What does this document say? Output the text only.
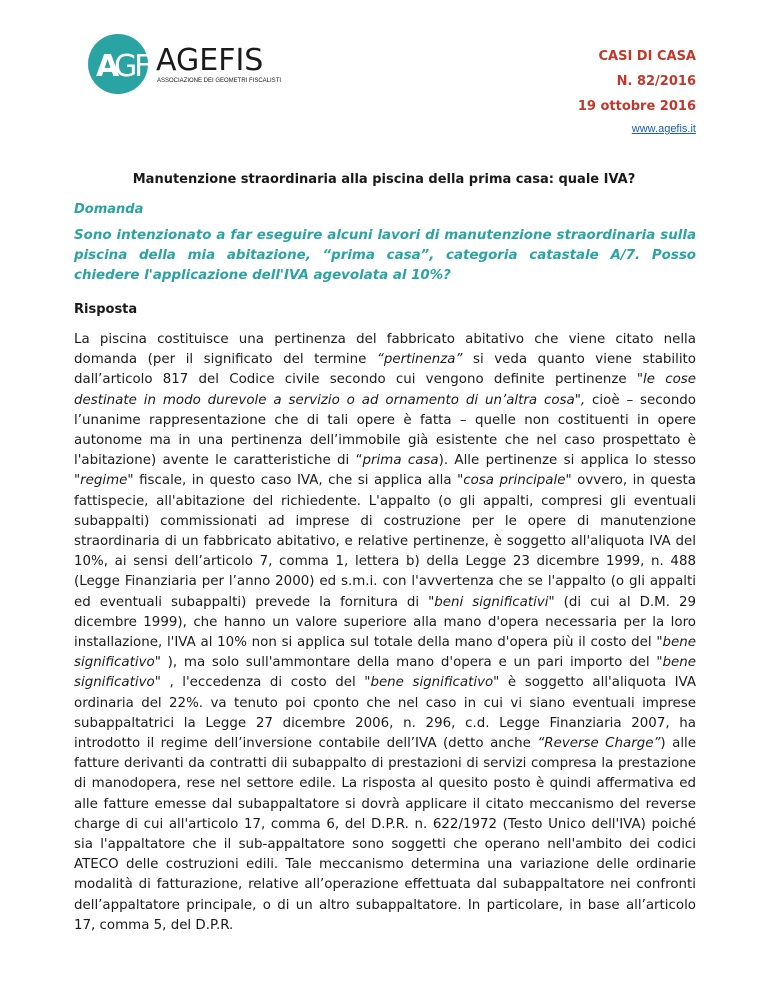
A
GF AGEFIS
ASSOCIAZIONE DEI GEOMETRI FISCALISTI
CASI DI CASA
N. 82/2016
19 ottobre 2016
www.agefis.it
Manutenzione straordinaria alla piscina della prima casa: quale IVA?
Domanda
Sono intenzionato a far eseguire alcuni lavori di manutenzione straordinaria sulla piscina della mia abitazione, “prima casa”, categoria catastale A/7. Posso chiedere l'applicazione dell'IVA agevolata al 10%?
Risposta
La piscina costituisce una pertinenza del fabbricato abitativo che viene citato nella domanda (per il significato del termine “pertinenza” si veda quanto viene stabilito dall’articolo 817 del Codice civile secondo cui vengono definite pertinenze "le cose destinate in modo durevole a servizio o ad ornamento di un’altra cosa", cioè – secondo l’unanime rappresentazione che di tali opere è fatta – quelle non costituenti in opere autonome ma in una pertinenza dell’immobile già esistente che nel caso prospettato è l'abitazione) avente le caratteristiche di “prima casa). Alle pertinenze si applica lo stesso "regime" fiscale, in questo caso IVA, che si applica alla "cosa principale" ovvero, in questa fattispecie, all'abitazione del richiedente. L'appalto (o gli appalti, compresi gli eventuali subappalti) commissionati ad imprese di costruzione per le opere di manutenzione straordinaria di un fabbricato abitativo, e relative pertinenze, è soggetto all'aliquota IVA del 10%, ai sensi dell’articolo 7, comma 1, lettera b) della Legge 23 dicembre 1999, n. 488 (Legge Finanziaria per l’anno 2000) ed s.m.i. con l'avvertenza che se l'appalto (o gli appalti ed eventuali subappalti) prevede la fornitura di "beni significativi" (di cui al D.M. 29 dicembre 1999), che hanno un valore superiore alla mano d'opera necessaria per la loro installazione, l'IVA al 10% non si applica sul totale della mano d'opera più il costo del "bene significativo" ), ma solo sull'ammontare della mano d'opera e un pari importo del "bene significativo" , l'eccedenza di costo del "bene significativo" è soggetto all'aliquota IVA ordinaria del 22%. va tenuto poi cponto che nel caso in cui vi siano eventuali imprese subappaltatrici la Legge 27 dicembre 2006, n. 296, c.d. Legge Finanziaria 2007, ha introdotto il regime dell’inversione contabile dell’IVA (detto anche “Reverse Charge”) alle fatture derivanti da contratti dii subappalto di prestazioni di servizi compresa la prestazione di manodopera, rese nel settore edile. La risposta al quesito posto è quindi affermativa ed alle fatture emesse dal subappaltatore si dovrà applicare il citato meccanismo del reverse charge di cui all'articolo 17, comma 6, del D.P.R. n. 622/1972 (Testo Unico dell'IVA) poiché sia l'appaltatore che il sub-appaltatore sono soggetti che operano nell'ambito dei codici ATECO delle costruzioni edili. Tale meccanismo determina una variazione delle ordinarie modalità di fatturazione, relative all’operazione effettuata dal subappaltatore nei confronti dell’appaltatore principale, o di un altro subappaltatore. In particolare, in base all’articolo 17, comma 5, del D.P.R.
